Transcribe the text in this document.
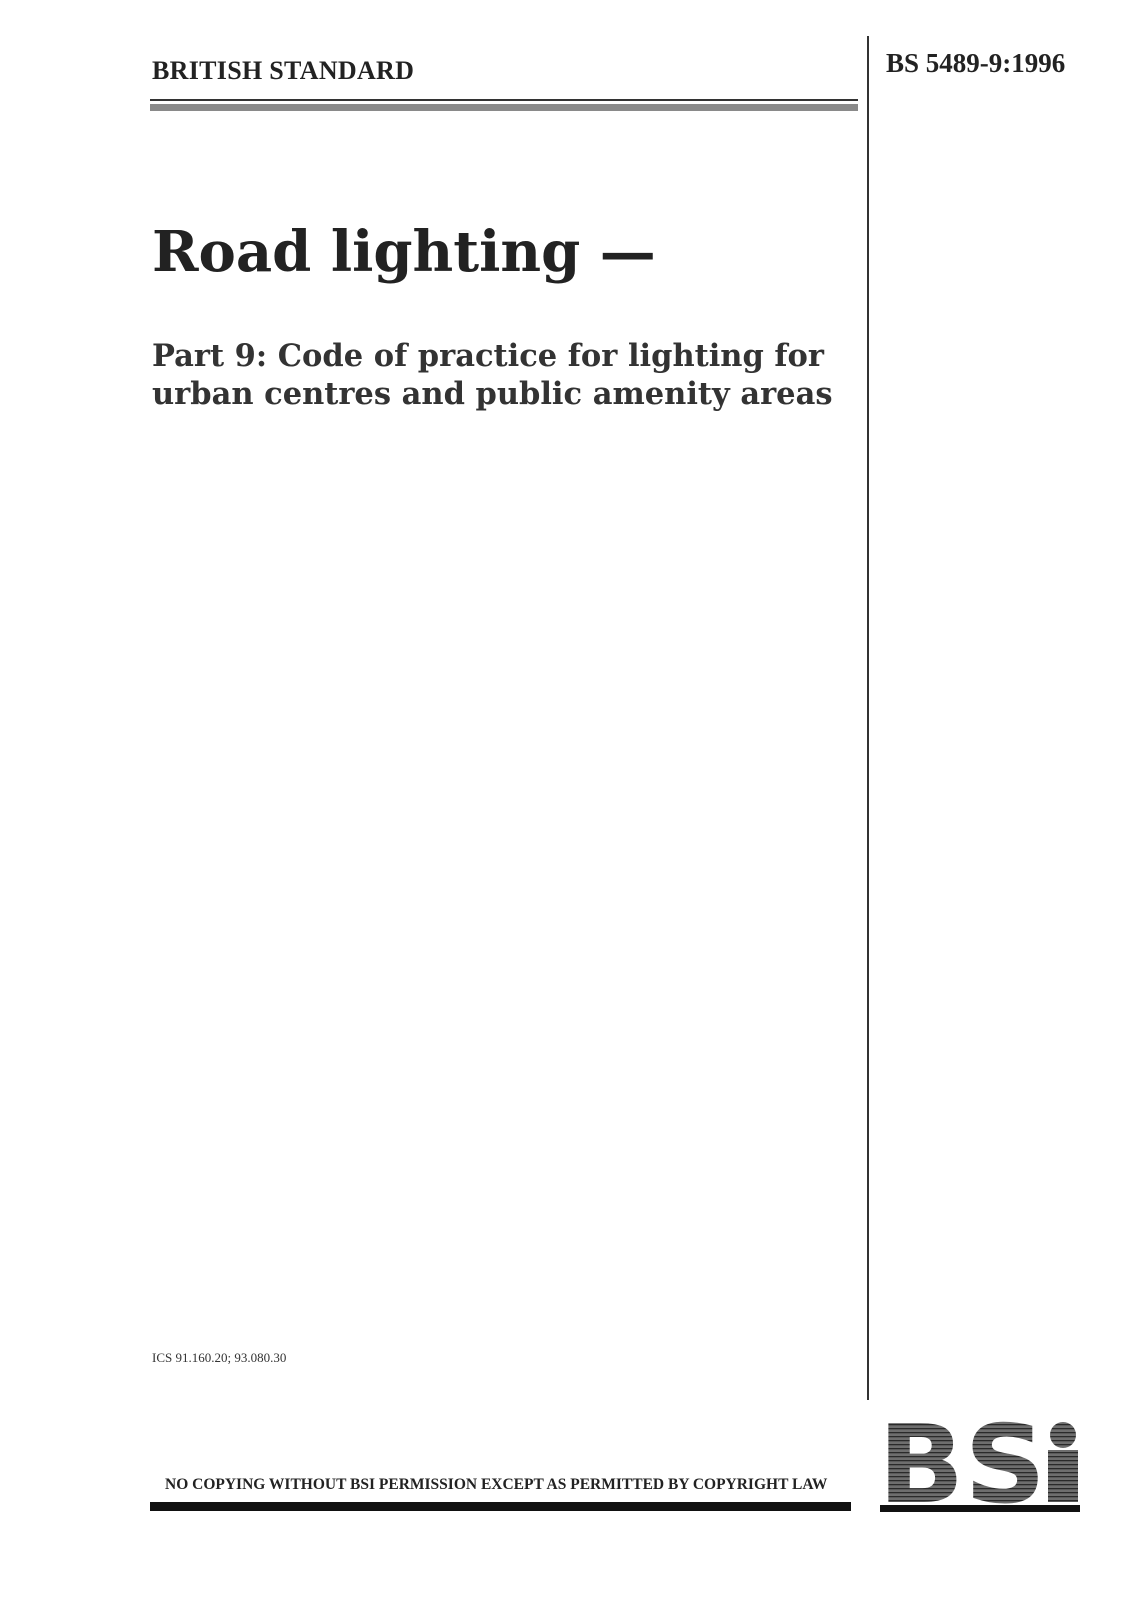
BRITISH STANDARD	BS 5489-9:1996
Road lighting —
Part 9: Code of practice for lighting for
urban centres and public amenity areas
ICS 91.160.20; 93.080.30
NO COPYING WITHOUT BSI PERMISSION EXCEPT AS PERMITTED BY COPYRIGHT LAW
